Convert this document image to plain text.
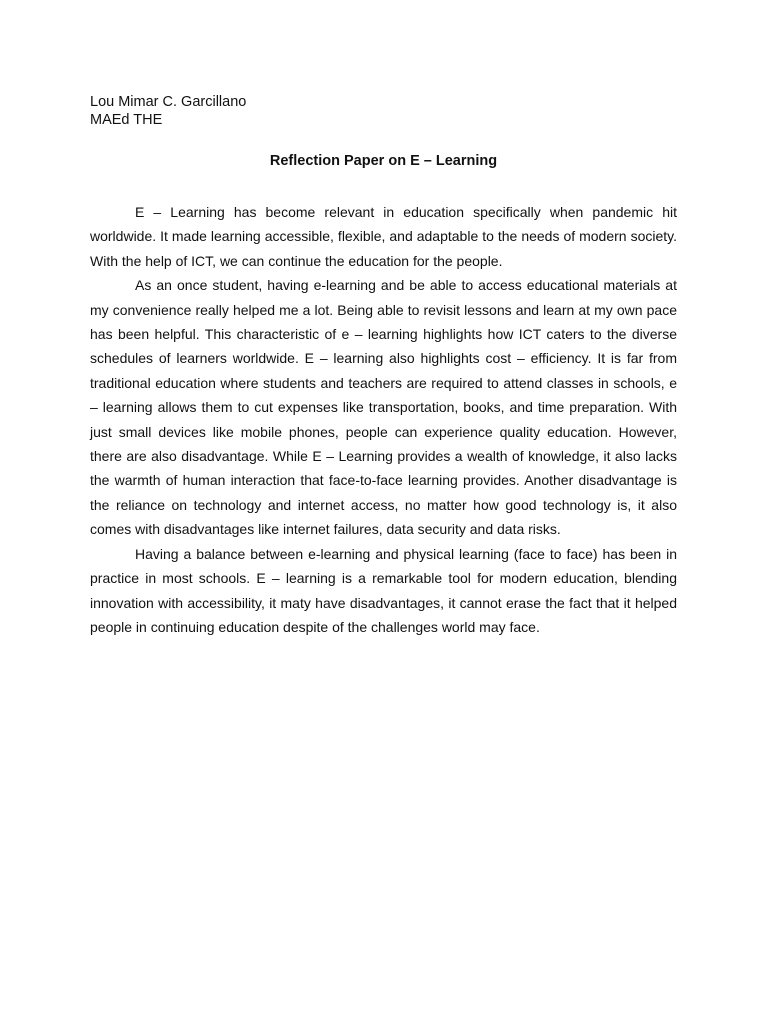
Lou Mimar C. Garcillano
MAEd THE
Reflection Paper on E – Learning

E – Learning has become relevant in education specifically when pandemic hit worldwide. It made learning accessible, flexible, and adaptable to the needs of modern society. With the help of ICT, we can continue the education for the people.

As an once student, having e-learning and be able to access educational materials at my convenience really helped me a lot. Being able to revisit lessons and learn at my own pace has been helpful. This characteristic of e – learning highlights how ICT caters to the diverse schedules of learners worldwide. E – learning also highlights cost – efficiency. It is far from traditional education where students and teachers are required to attend classes in schools, e – learning allows them to cut expenses like transportation, books, and time preparation. With just small devices like mobile phones, people can experience quality education. However, there are also disadvantage. While E – Learning provides a wealth of knowledge, it also lacks the warmth of human interaction that face-to-face learning provides. Another disadvantage is the reliance on technology and internet access, no matter how good technology is, it also comes with disadvantages like internet failures, data security and data risks.

Having a balance between e-learning and physical learning (face to face) has been in practice in most schools. E – learning is a remarkable tool for modern education, blending innovation with accessibility, it maty have disadvantages, it cannot erase the fact that it helped people in continuing education despite of the challenges world may face.
